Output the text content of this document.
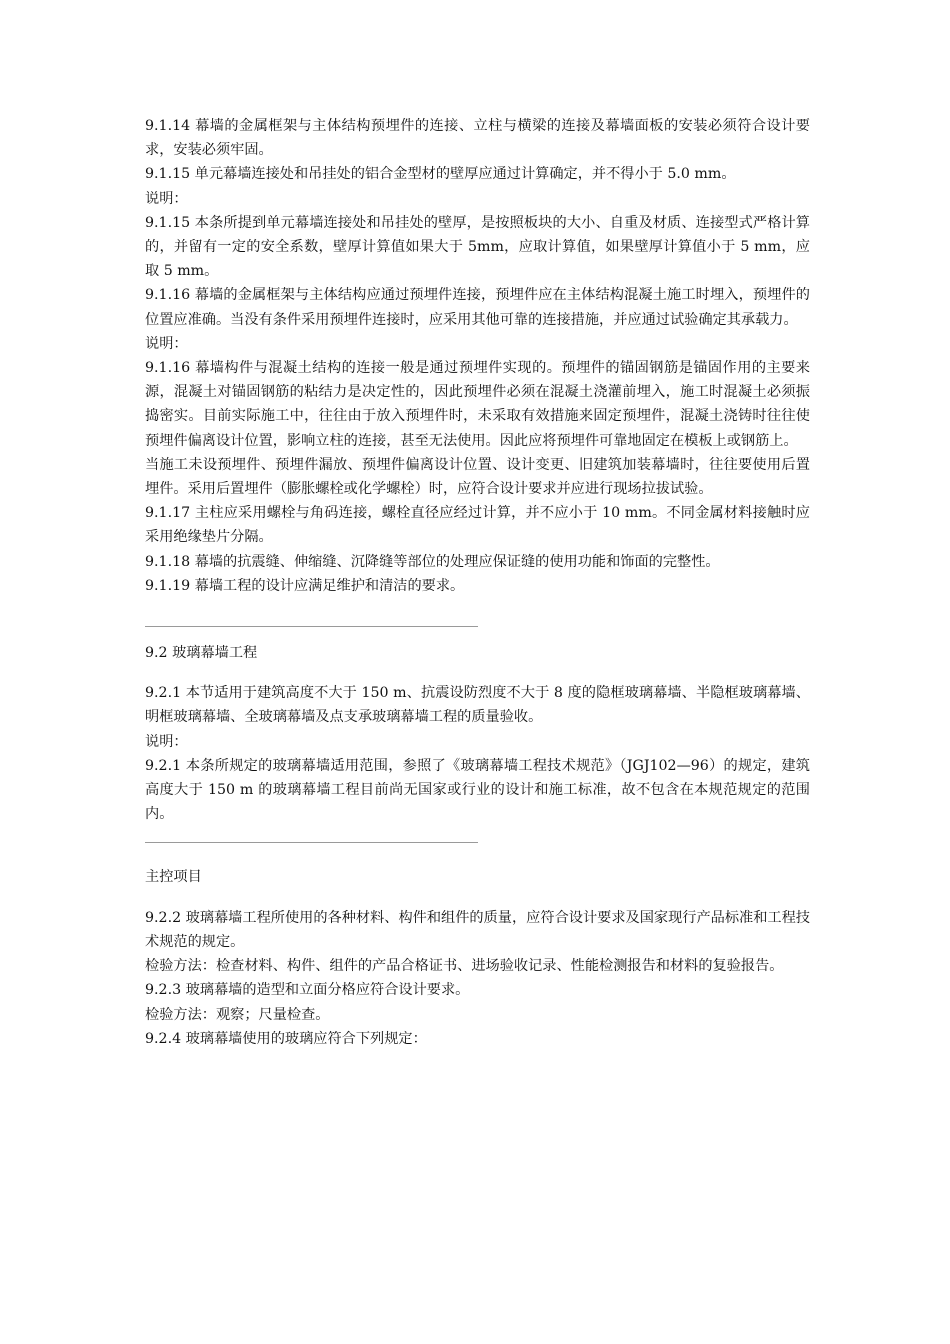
9.1.14 幕墙的金属框架与主体结构预埋件的连接、立柱与横梁的连接及幕墙面板的安装必须符合设计要求，安装必须牢固。

9.1.15 单元幕墙连接处和吊挂处的铝合金型材的壁厚应通过计算确定，并不得小于 5.0 mm。

说明：

9.1.15 本条所提到单元幕墙连接处和吊挂处的壁厚，是按照板块的大小、自重及材质、连接型式严格计算的，并留有一定的安全系数，壁厚计算值如果大于 5mm，应取计算值，如果壁厚计算值小于 5 mm，应取 5 mm。

9.1.16 幕墙的金属框架与主体结构应通过预埋件连接，预埋件应在主体结构混凝土施工时埋入，预埋件的位置应准确。当没有条件采用预埋件连接时，应采用其他可靠的连接措施，并应通过试验确定其承载力。

说明：

9.1.16 幕墙构件与混凝土结构的连接一般是通过预埋件实现的。预埋件的锚固钢筋是锚固作用的主要来源，混凝土对锚固钢筋的粘结力是决定性的，因此预埋件必须在混凝土浇灌前埋入，施工时混凝土必须振捣密实。目前实际施工中，往往由于放入预埋件时，未采取有效措施来固定预埋件，混凝土浇铸时往往使预埋件偏离设计位置，影响立柱的连接，甚至无法使用。因此应将预埋件可靠地固定在模板上或钢筋上。

当施工未设预埋件、预埋件漏放、预埋件偏离设计位置、设计变更、旧建筑加装幕墙时，往往要使用后置埋件。采用后置埋件（膨胀螺栓或化学螺栓）时，应符合设计要求并应进行现场拉拔试验。

9.1.17 主柱应采用螺栓与角码连接，螺栓直径应经过计算，并不应小于 10 mm。不同金属材料接触时应采用绝缘垫片分隔。

9.1.18 幕墙的抗震缝、伸缩缝、沉降缝等部位的处理应保证缝的使用功能和饰面的完整性。

9.1.19 幕墙工程的设计应满足维护和清洁的要求。

9.2 玻璃幕墙工程

9.2.1 本节适用于建筑高度不大于 150 m、抗震设防烈度不大于 8 度的隐框玻璃幕墙、半隐框玻璃幕墙、明框玻璃幕墙、全玻璃幕墙及点支承玻璃幕墙工程的质量验收。

说明：

9.2.1 本条所规定的玻璃幕墙适用范围，参照了《玻璃幕墙工程技术规范》（JGJ102—96）的规定，建筑高度大于 150 m 的玻璃幕墙工程目前尚无国家或行业的设计和施工标准，故不包含在本规范规定的范围内。

主控项目

9.2.2 玻璃幕墙工程所使用的各种材料、构件和组件的质量，应符合设计要求及国家现行产品标准和工程技术规范的规定。

检验方法：检查材料、构件、组件的产品合格证书、进场验收记录、性能检测报告和材料的复验报告。

9.2.3 玻璃幕墙的造型和立面分格应符合设计要求。

检验方法：观察；尺量检查。

9.2.4 玻璃幕墙使用的玻璃应符合下列规定：
